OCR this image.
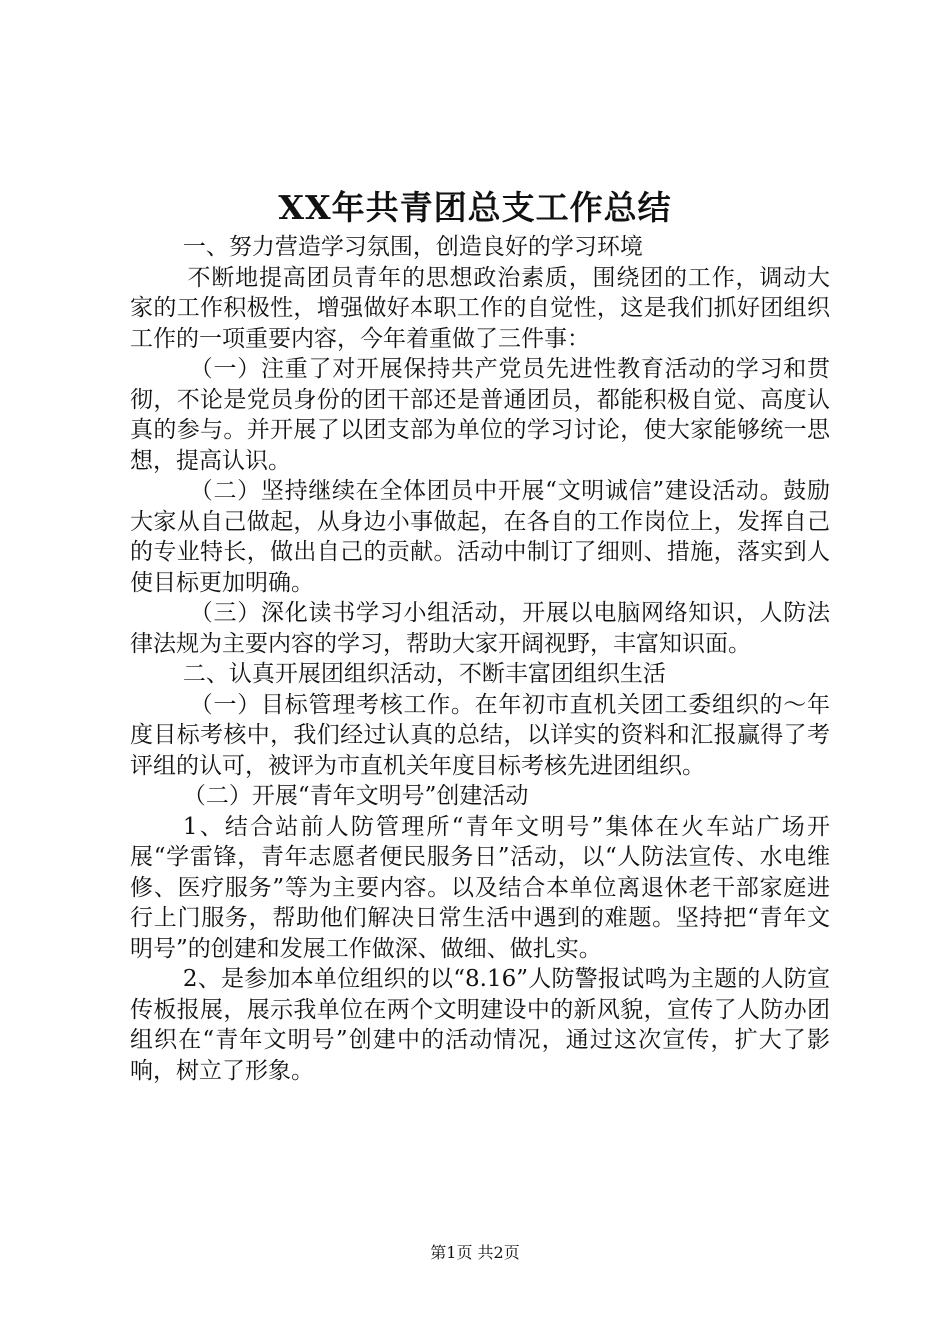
XX年共青团总支工作总结

一、努力营造学习氛围，创造良好的学习环境

不断地提高团员青年的思想政治素质，围绕团的工作，调动大家的工作积极性，增强做好本职工作的自觉性，这是我们抓好团组织工作的一项重要内容，今年着重做了三件事：

（一）注重了对开展保持共产党员先进性教育活动的学习和贯彻，不论是党员身份的团干部还是普通团员，都能积极自觉、高度认真的参与。并开展了以团支部为单位的学习讨论，使大家能够统一思想，提高认识。

（二）坚持继续在全体团员中开展“文明诚信”建设活动。鼓励大家从自己做起，从身边小事做起，在各自的工作岗位上，发挥自己的专业特长，做出自己的贡献。活动中制订了细则、措施，落实到人使目标更加明确。

（三）深化读书学习小组活动，开展以电脑网络知识，人防法律法规为主要内容的学习，帮助大家开阔视野，丰富知识面。

二、认真开展团组织活动，不断丰富团组织生活

（一）目标管理考核工作。在年初市直机关团工委组织的～年度目标考核中，我们经过认真的总结，以详实的资料和汇报赢得了考评组的认可，被评为市直机关年度目标考核先进团组织。

（二）开展“青年文明号”创建活动

1、结合站前人防管理所“青年文明号”集体在火车站广场开展“学雷锋，青年志愿者便民服务日”活动，以“人防法宣传、水电维修、医疗服务”等为主要内容。以及结合本单位离退休老干部家庭进行上门服务，帮助他们解决日常生活中遇到的难题。坚持把“青年文明号”的创建和发展工作做深、做细、做扎实。

2、是参加本单位组织的以“8.16”人防警报试鸣为主题的人防宣传板报展，展示我单位在两个文明建设中的新风貌，宣传了人防办团组织在“青年文明号”创建中的活动情况，通过这次宣传，扩大了影响，树立了形象。

第1页 共2页
